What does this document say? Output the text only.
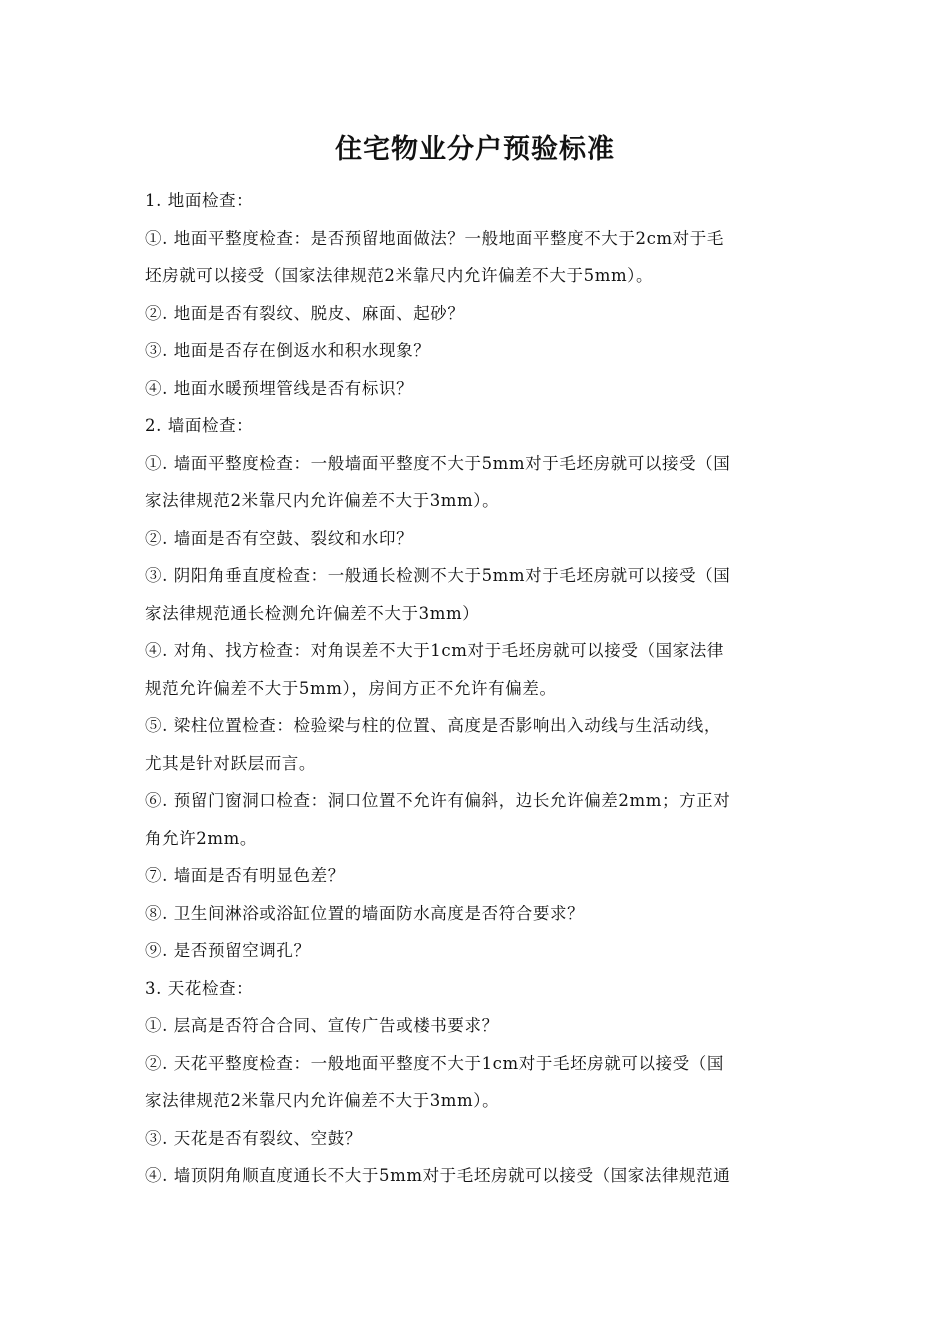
住宅物业分户预验标准
1. 地面检查：
①. 地面平整度检查：是否预留地面做法？一般地面平整度不大于2cm对于毛
坯房就可以接受（国家法律规范2米靠尺内允许偏差不大于5mm）。
②. 地面是否有裂纹、脱皮、麻面、起砂？
③. 地面是否存在倒返水和积水现象？
④. 地面水暖预埋管线是否有标识？
2. 墙面检查：
①. 墙面平整度检查：一般墙面平整度不大于5mm对于毛坯房就可以接受（国
家法律规范2米靠尺内允许偏差不大于3mm）。
②. 墙面是否有空鼓、裂纹和水印？
③. 阴阳角垂直度检查：一般通长检测不大于5mm对于毛坯房就可以接受（国
家法律规范通长检测允许偏差不大于3mm）
④. 对角、找方检查：对角误差不大于1cm对于毛坯房就可以接受（国家法律
规范允许偏差不大于5mm），房间方正不允许有偏差。
⑤. 梁柱位置检查：检验梁与柱的位置、高度是否影响出入动线与生活动线，
尤其是针对跃层而言。
⑥. 预留门窗洞口检查：洞口位置不允许有偏斜，边长允许偏差2mm；方正对
角允许2mm。
⑦. 墙面是否有明显色差？
⑧. 卫生间淋浴或浴缸位置的墙面防水高度是否符合要求？
⑨. 是否预留空调孔？
3. 天花检查：
①. 层高是否符合合同、宣传广告或楼书要求？
②. 天花平整度检查：一般地面平整度不大于1cm对于毛坯房就可以接受（国
家法律规范2米靠尺内允许偏差不大于3mm）。
③. 天花是否有裂纹、空鼓？
④. 墙顶阴角顺直度通长不大于5mm对于毛坯房就可以接受（国家法律规范通
